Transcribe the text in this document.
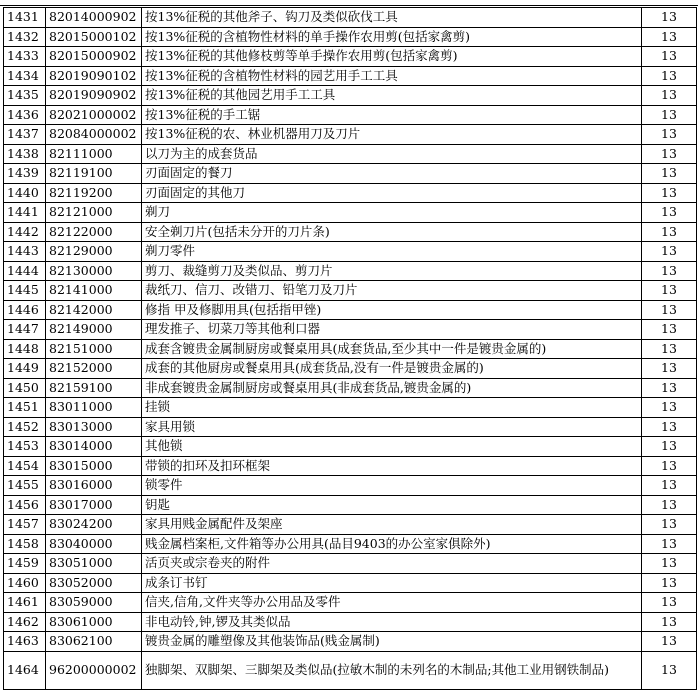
1431	82014000902	按13%征税的其他斧子、钩刀及类似砍伐工具	13
1432	82015000102	按13%征税的含植物性材料的单手操作农用剪(包括家禽剪)	13
1433	82015000902	按13%征税的其他修枝剪等单手操作农用剪(包括家禽剪)	13
1434	82019090102	按13%征税的含植物性材料的园艺用手工工具	13
1435	82019090902	按13%征税的其他园艺用手工工具	13
1436	82021000002	按13%征税的手工锯	13
1437	82084000002	按13%征税的农、林业机器用刀及刀片	13
1438	82111000	以刀为主的成套货品	13
1439	82119100	刃面固定的餐刀	13
1440	82119200	刃面固定的其他刀	13
1441	82121000	剃刀	13
1442	82122000	安全剃刀片(包括未分开的刀片条)	13
1443	82129000	剃刀零件	13
1444	82130000	剪刀、裁缝剪刀及类似品、剪刀片	13
1445	82141000	裁纸刀、信刀、改错刀、铅笔刀及刀片	13
1446	82142000	修指 甲及修脚用具(包括指甲锉)	13
1447	82149000	理发推子、切菜刀等其他利口器	13
1448	82151000	成套含镀贵金属制厨房或餐桌用具(成套货品,至少其中一件是镀贵金属的)	13
1449	82152000	成套的其他厨房或餐桌用具(成套货品,没有一件是镀贵金属的)	13
1450	82159100	非成套镀贵金属制厨房或餐桌用具(非成套货品,镀贵金属的)	13
1451	83011000	挂锁	13
1452	83013000	家具用锁	13
1453	83014000	其他锁	13
1454	83015000	带锁的扣环及扣环框架	13
1455	83016000	锁零件	13
1456	83017000	钥匙	13
1457	83024200	家具用贱金属配件及架座	13
1458	83040000	贱金属档案柜,文件箱等办公用具(品目9403的办公室家俱除外)	13
1459	83051000	活页夹或宗卷夹的附件	13
1460	83052000	成条订书钉	13
1461	83059000	信夹,信角,文件夹等办公用品及零件	13
1462	83061000	非电动铃,钟,锣及其类似品	13
1463	83062100	镀贵金属的雕塑像及其他装饰品(贱金属制)	13
1464	96200000002	独脚架、双脚架、三脚架及类似品(拉敏木制的未列名的木制品;其他工业用钢铁制品)	13
